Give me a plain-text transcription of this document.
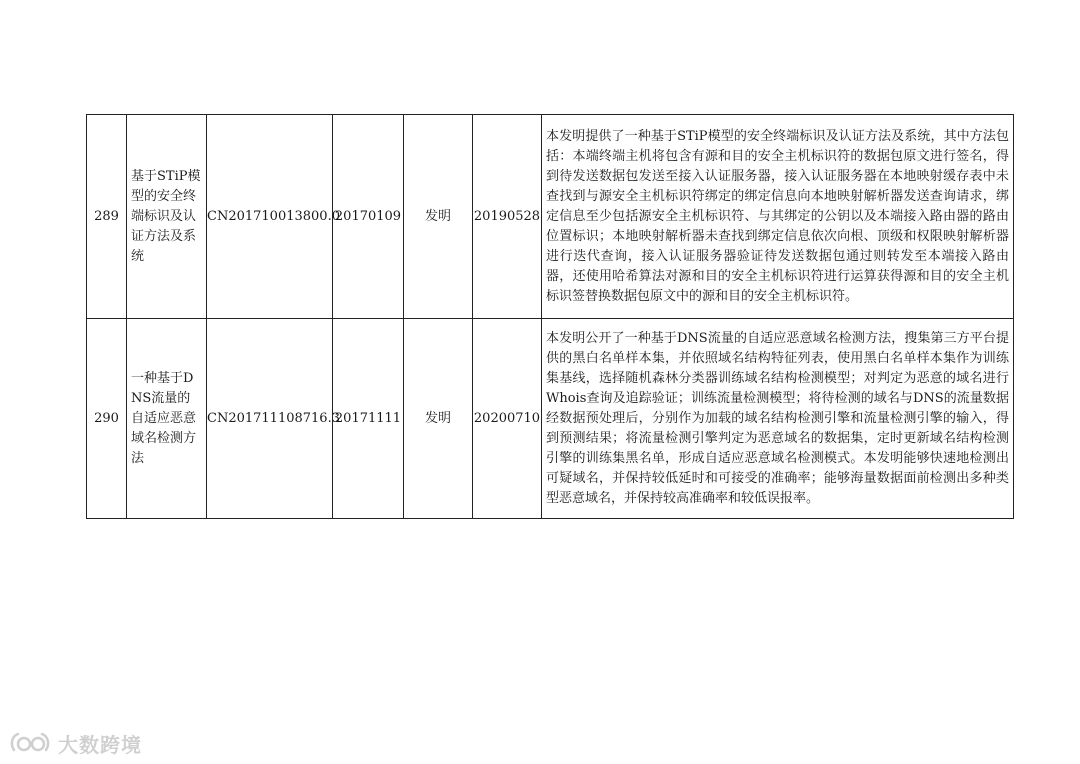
289	基于STiP模型的安全终端标识及认证方法及系统	CN201710013800.0	20170109	发明	20190528	本发明提供了一种基于STiP模型的安全终端标识及认证方法及系统，其中方法包括：本端终端主机将包含有源和目的安全主机标识符的数据包原文进行签名，得到待发送数据包发送至接入认证服务器，接入认证服务器在本地映射缓存表中未查找到与源安全主机标识符绑定的绑定信息向本地映射解析器发送查询请求，绑定信息至少包括源安全主机标识符、与其绑定的公钥以及本端接入路由器的路由位置标识；本地映射解析器未查找到绑定信息依次向根、顶级和权限映射解析器进行迭代查询，接入认证服务器验证待发送数据包通过则转发至本端接入路由器，还使用哈希算法对源和目的安全主机标识符进行运算获得源和目的安全主机标识签替换数据包原文中的源和目的安全主机标识符。
290	一种基于DNS流量的自适应恶意域名检测方法	CN201711108716.3	20171111	发明	20200710	本发明公开了一种基于DNS流量的自适应恶意域名检测方法，搜集第三方平台提供的黑白名单样本集，并依照域名结构特征列表，使用黑白名单样本集作为训练集基线，选择随机森林分类器训练域名结构检测模型；对判定为恶意的域名进行Whois查询及追踪验证；训练流量检测模型；将待检测的域名与DNS的流量数据经数据预处理后，分别作为加载的域名结构检测引擎和流量检测引擎的输入，得到预测结果；将流量检测引擎判定为恶意域名的数据集，定时更新域名结构检测引擎的训练集黑名单，形成自适应恶意域名检测模式。本发明能够快速地检测出可疑域名，并保持较低延时和可接受的准确率；能够海量数据面前检测出多种类型恶意域名，并保持较高准确率和较低误报率。
大数跨境
